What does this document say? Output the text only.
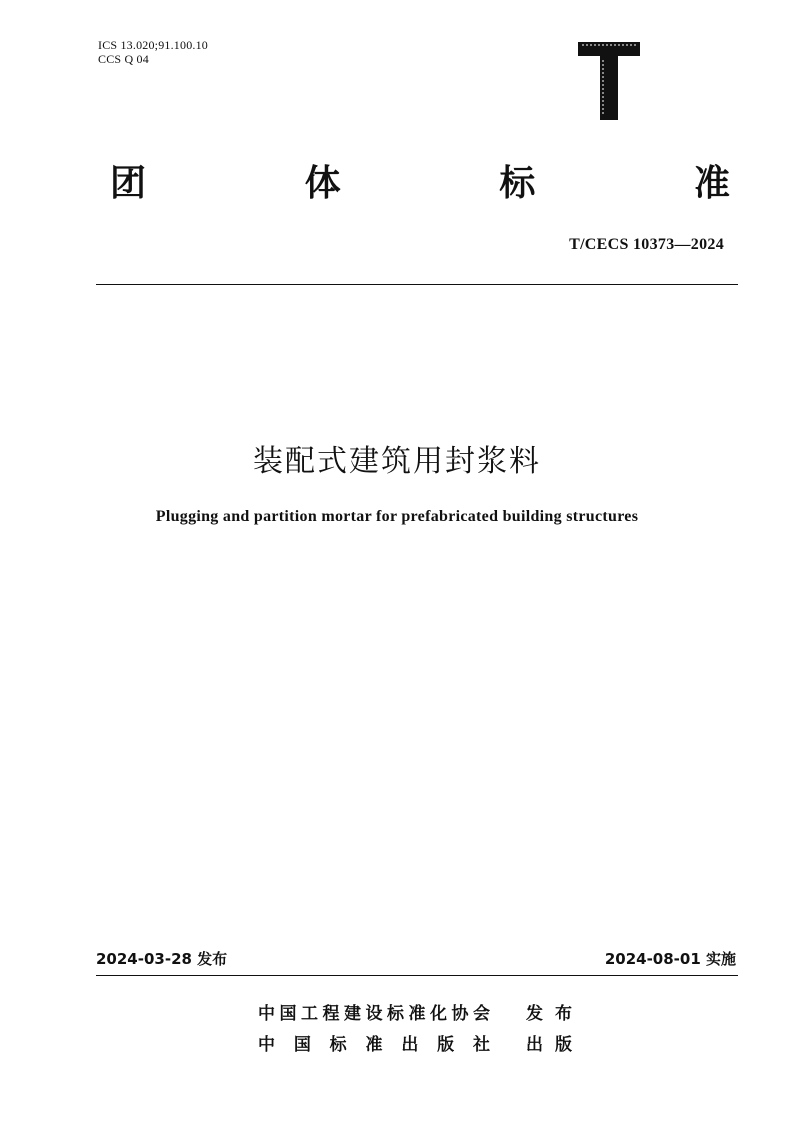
ICS 13.020;91.100.10
CCS Q 04
团	体	标	准
T/CECS 10373—2024
装配式建筑用封浆料
Plugging and partition mortar for prefabricated building structures
2024-03-28 发布	2024-08-01 实施
中 国 工 程 建 设 标 准 化 协 会 发 布
中 国 标 准 出 版 社 出 版
